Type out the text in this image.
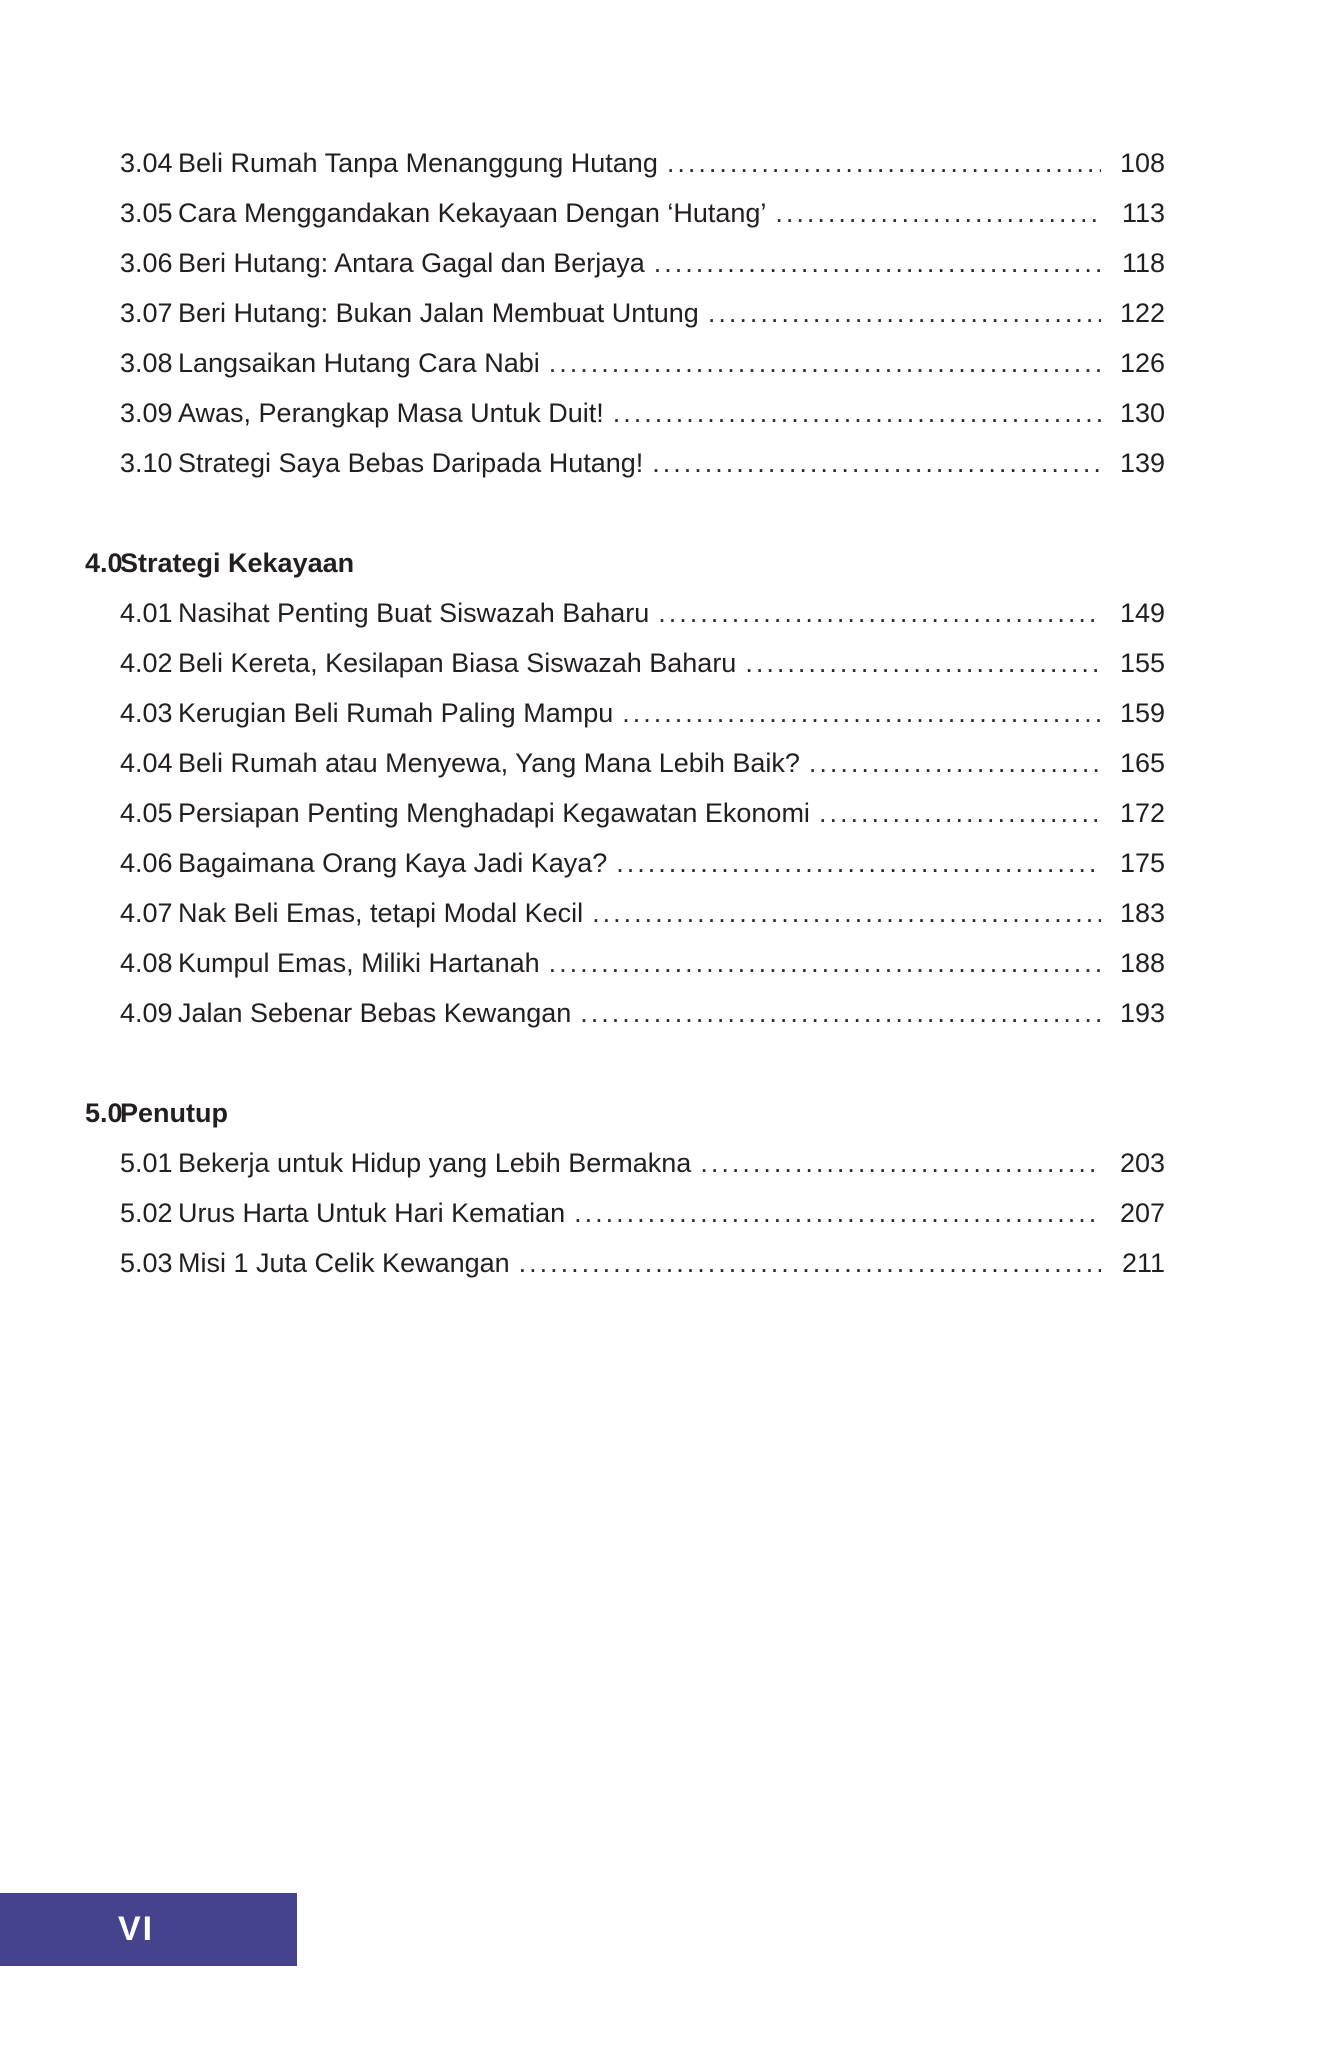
3.04 Beli Rumah Tanpa Menanggung Hutang .....	108
3.05 Cara Menggandakan Kekayaan Dengan ‘Hutang’ .....	113
3.06 Beri Hutang: Antara Gagal dan Berjaya .....	118
3.07 Beri Hutang: Bukan Jalan Membuat Untung .....	122
3.08 Langsaikan Hutang Cara Nabi .....	126
3.09 Awas, Perangkap Masa Untuk Duit! .....	130
3.10 Strategi Saya Bebas Daripada Hutang! .....	139
4.0
Strategi Kekayaan
4.01 Nasihat Penting Buat Siswazah Baharu .....	149
4.02 Beli Kereta, Kesilapan Biasa Siswazah Baharu .....	155
4.03 Kerugian Beli Rumah Paling Mampu .....	159
4.04 Beli Rumah atau Menyewa, Yang Mana Lebih Baik? .....	165
4.05 Persiapan Penting Menghadapi Kegawatan Ekonomi .....	172
4.06 Bagaimana Orang Kaya Jadi Kaya? .....	175
4.07 Nak Beli Emas, tetapi Modal Kecil .....	183
4.08 Kumpul Emas, Miliki Hartanah .....	188
4.09 Jalan Sebenar Bebas Kewangan .....	193
5.0
Penutup
5.01 Bekerja untuk Hidup yang Lebih Bermakna .....	203
5.02 Urus Harta Untuk Hari Kematian .....	207
5.03 Misi 1 Juta Celik Kewangan .....	211
VI
